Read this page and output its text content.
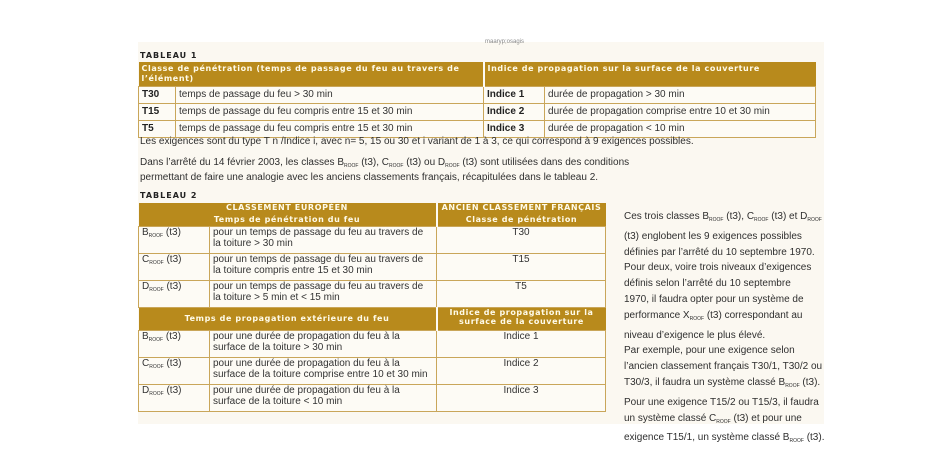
maaryp;osagis
TABLEAU 1
Classe de pénétration (temps de passage du feu au travers de l’élément)		Indice de propagation sur la surface de la couverture	
T30	temps de passage du feu > 30 min	Indice 1	durée de propagation > 30 min
T15	temps de passage du feu compris entre 15 et 30 min	Indice 2	durée de propagation comprise entre 10 et 30 min
T5	temps de passage du feu compris entre 15 et 30 min	Indice 3	durée de propagation < 10 min
Les exigences sont du type T n /Indice i, avec n= 5, 15 ou 30 et i variant de 1 à 3, ce qui correspond à 9 exigences possibles.
Dans l’arrêté du 14 février 2003, les classes $B_{ROOF}$ (t3), $C_{ROOF}$ (t3) ou $D_{ROOF}$ (t3) sont utilisées dans des conditions
permettant de faire une analogie avec les anciens classements français, récapitulées dans le tableau 2.
TABLEAU 2
CLASSEMENT EUROPÉEN		ANCIEN CLASSEMENT FRANÇAIS
Temps de pénétration du feu		Classe de pénétration
$B_{ROOF}$ (t3)	pour un temps de passage du feu au travers de la toiture > 30 min	T30
$C_{ROOF}$ (t3)	pour un temps de passage du feu au travers de la toiture compris entre 15 et 30 min	T15
$D_{ROOF}$ (t3)	pour un temps de passage du feu au travers de la toiture > 5 min et < 15 min	T5
Temps de propagation extérieure du feu		Indice de propagation sur la surface de la couverture
$B_{ROOF}$ (t3)	pour une durée de propagation du feu à la surface de la toiture > 30 min	Indice 1
$C_{ROOF}$ (t3)	pour une durée de propagation du feu à la surface de la toiture comprise entre 10 et 30 min	Indice 2
$D_{ROOF}$ (t3)	pour une durée de propagation du feu à la surface de la toiture < 10 min	Indice 3
Ces trois classes $B_{ROOF}$ (t3), $C_{ROOF}$ (t3) et $D_{ROOF}$
(t3) englobent les 9 exigences possibles
définies par l’arrêté du 10 septembre 1970.
Pour deux, voire trois niveaux d’exigences
définis selon l’arrêté du 10 septembre
1970, il faudra opter pour un système de
performance $X_{ROOF}$ (t3) correspondant au
niveau d’exigence le plus élevé.
Par exemple, pour une exigence selon
l’ancien classement français T30/1, T30/2 ou
T30/3, il faudra un système classé $B_{ROOF}$ (t3).
Pour une exigence T15/2 ou T15/3, il faudra
un système classé $C_{ROOF}$ (t3) et pour une
exigence T15/1, un système classé $B_{ROOF}$ (t3).
